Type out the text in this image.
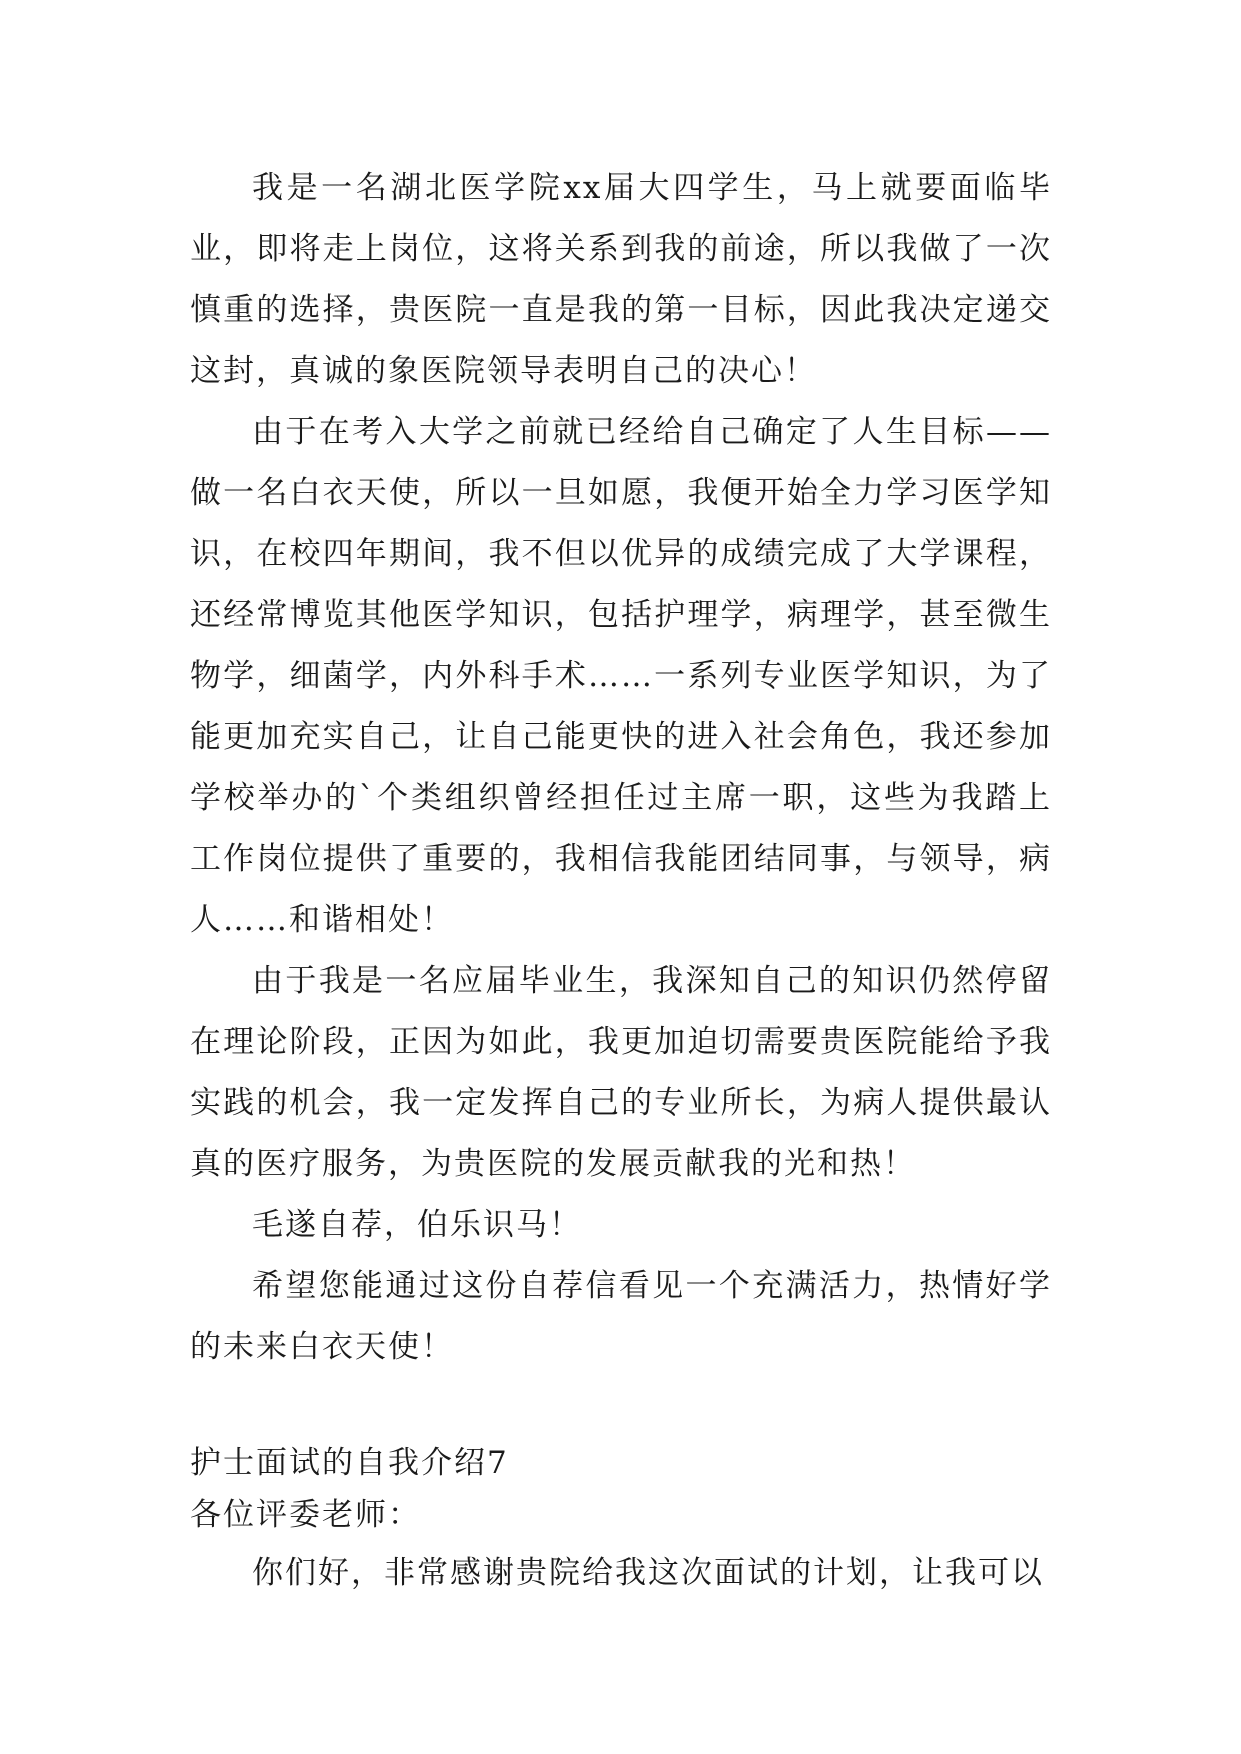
我是一名湖北医学院xx届大四学生，马上就要面临毕业，即将走上岗位，这将关系到我的前途，所以我做了一次慎重的选择，贵医院一直是我的第一目标，因此我决定递交这封，真诚的象医院领导表明自己的决心！

由于在考入大学之前就已经给自己确定了人生目标——做一名白衣天使，所以一旦如愿，我便开始全力学习医学知识，在校四年期间，我不但以优异的成绩完成了大学课程，还经常博览其他医学知识，包括护理学，病理学，甚至微生物学，细菌学，内外科手术……一系列专业医学知识，为了能更加充实自己，让自己能更快的进入社会角色，我还参加学校举办的`个类组织曾经担任过主席一职，这些为我踏上工作岗位提供了重要的，我相信我能团结同事，与领导，病人……和谐相处！

由于我是一名应届毕业生，我深知自己的知识仍然停留在理论阶段，正因为如此，我更加迫切需要贵医院能给予我实践的机会，我一定发挥自己的专业所长，为病人提供最认真的医疗服务，为贵医院的发展贡献我的光和热！

毛遂自荐，伯乐识马！

希望您能通过这份自荐信看见一个充满活力，热情好学的未来白衣天使！

护士面试的自我介绍7

各位评委老师：

你们好，非常感谢贵院给我这次面试的计划，让我可以
